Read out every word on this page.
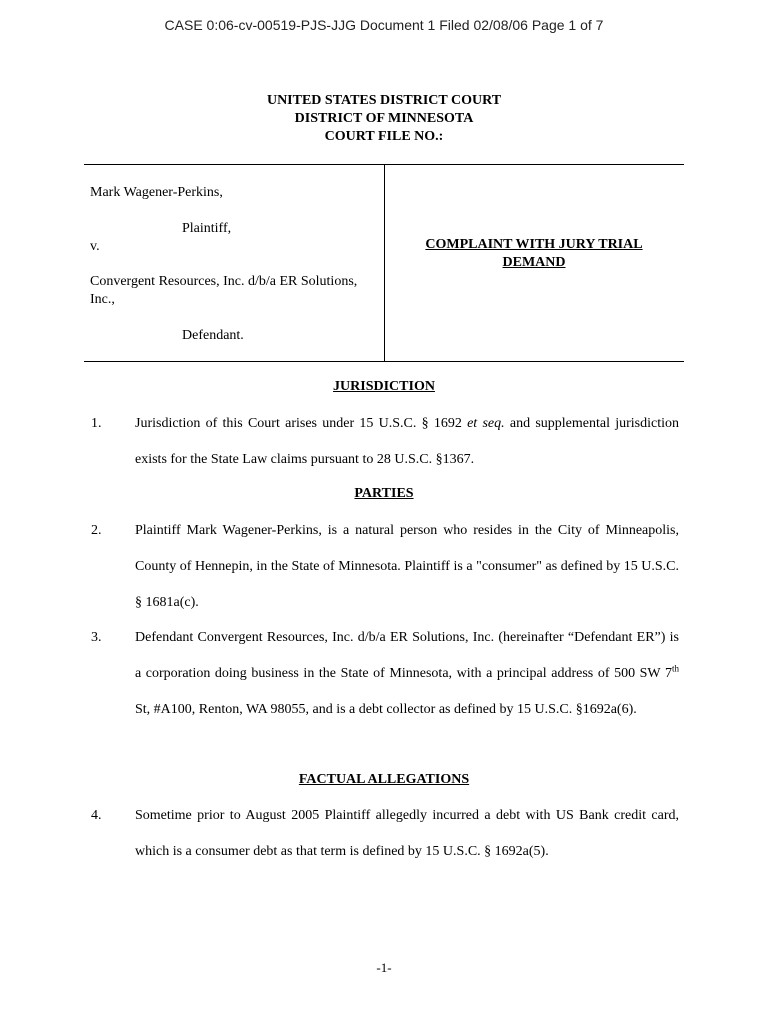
CASE 0:06-cv-00519-PJS-JJG Document 1 Filed 02/08/06 Page 1 of 7
UNITED STATES DISTRICT COURT
DISTRICT OF MINNESOTA
COURT FILE NO.:
Mark Wagener-Perkins,
Plaintiff,
v.
Convergent Resources, Inc. d/b/a ER Solutions, Inc.,
Defendant.
COMPLAINT WITH JURY TRIAL
DEMAND
JURISDICTION
1. Jurisdiction of this Court arises under 15 U.S.C. § 1692 et seq. and supplemental jurisdiction exists for the State Law claims pursuant to 28 U.S.C. §1367.
PARTIES
2. Plaintiff Mark Wagener-Perkins, is a natural person who resides in the City of Minneapolis, County of Hennepin, in the State of Minnesota. Plaintiff is a "consumer" as defined by 15 U.S.C. § 1681a(c).
3. Defendant Convergent Resources, Inc. d/b/a ER Solutions, Inc. (hereinafter “Defendant ER”) is a corporation doing business in the State of Minnesota, with a principal address of 500 SW 7th St, #A100, Renton, WA 98055, and is a debt collector as defined by 15 U.S.C. §1692a(6).
FACTUAL ALLEGATIONS
4. Sometime prior to August 2005 Plaintiff allegedly incurred a debt with US Bank credit card, which is a consumer debt as that term is defined by 15 U.S.C. § 1692a(5).
-1-
